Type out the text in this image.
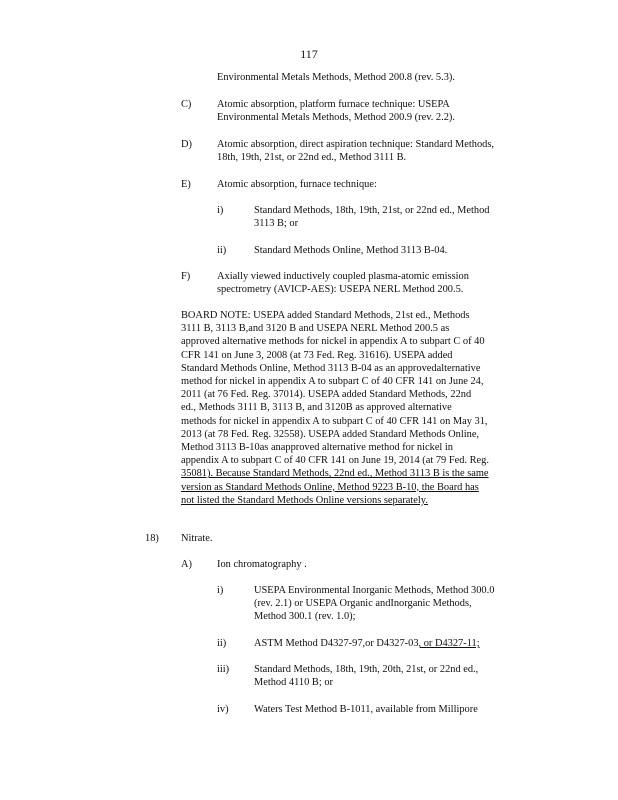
117
Environmental Metals Methods, Method 200.8 (rev. 5.3).
C) Atomic absorption, platform furnace technique: USEPA
Environmental Metals Methods, Method 200.9 (rev. 2.2).
D) Atomic absorption, direct aspiration technique: Standard Methods,
18th, 19th, 21st, or 22nd ed., Method 3111 B.
E)	Atomic absorption, furnace technique:
i)	Standard Methods, 18th, 19th, 21st, or 22nd ed., Method
3113 B; or
ii)	Standard Methods Online, Method 3113 B-04.
F)	Axially viewed inductively coupled plasma-atomic emission
spectrometry (AVICP-AES): USEPA NERL Method 200.5.

BOARD NOTE: USEPA added Standard Methods, 21st ed., Methods

3111 B, 3113 B,and 3120 B and USEPA NERL Method 200.5 as

approved alternative methods for nickel in appendix A to subpart C of 40

CFR 141 on June 3, 2008 (at 73 Fed. Reg. 31616). USEPA added

Standard Methods Online, Method 3113 B-04 as an approvedalternative

method for nickel in appendix A to subpart C of 40 CFR 141 on June 24,

2011 (at 76 Fed. Reg. 37014). USEPA added Standard Methods, 22nd

ed., Methods 3111 B, 3113 B, and 3120B as approved alternative

methods for nickel in appendix A to subpart C of 40 CFR 141 on May 31,

2013 (at 78 Fed. Reg. 32558). USEPA added Standard Methods Online,

Method 3113 B-10as anapproved alternative method for nickel in

appendix A to subpart C of 40 CFR 141 on June 19, 2014 (at 79 Fed. Reg.

35081). Because Standard Methods, 22nd ed., Method 3113 B is the same

version as Standard Methods Online, Method 9223 B-10, the Board has

not listed the Standard Methods Online versions separately.

18) Nitrate.
A) Ion chromatography .
i)	USEPA Environmental Inorganic Methods, Method 300.0
(rev. 2.1) or USEPA Organic andInorganic Methods,
Method 300.1 (rev. 1.0);
ii)	ASTM Method D4327-97,or D4327-03, or D4327-11;
iii) Standard Methods, 18th, 19th, 20th, 21st, or 22nd ed.,
Method 4110 B; or
iv) Waters Test Method B-1011, available from Millipore
